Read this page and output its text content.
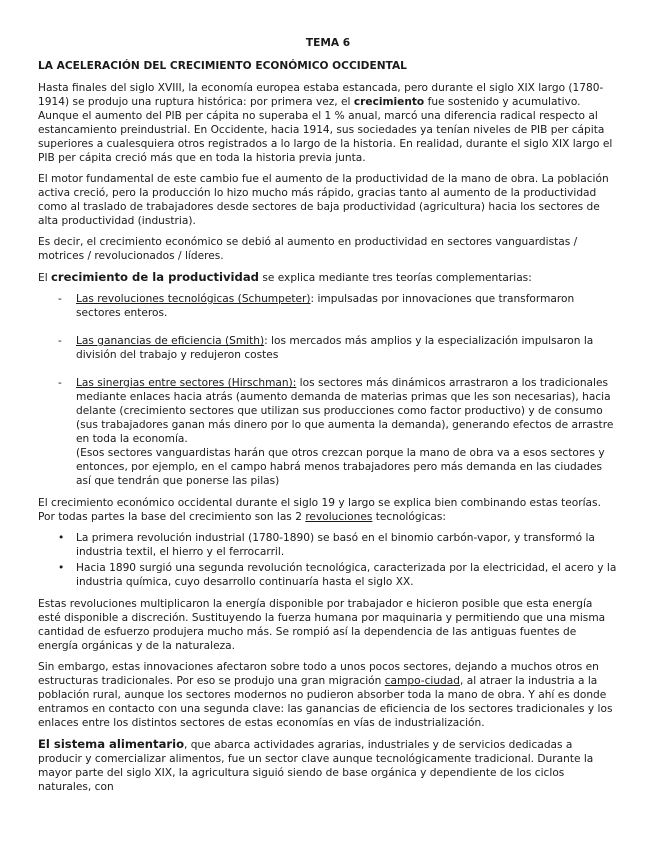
TEMA 6
LA ACELERACIÓN DEL CRECIMIENTO ECONÓMICO OCCIDENTAL

Hasta finales del siglo XVIII, la economía europea estaba estancada, pero durante el siglo XIX largo (1780-1914) se produjo una ruptura histórica: por primera vez, el crecimiento fue sostenido y acumulativo. Aunque el aumento del PIB per cápita no superaba el 1 % anual, marcó una diferencia radical respecto al estancamiento preindustrial. En Occidente, hacia 1914, sus sociedades ya tenían niveles de PIB per cápita superiores a cualesquiera otros registrados a lo largo de la historia. En realidad, durante el siglo XIX largo el PIB per cápita creció más que en toda la historia previa junta.

El motor fundamental de este cambio fue el aumento de la productividad de la mano de obra. La población activa creció, pero la producción lo hizo mucho más rápido, gracias tanto al aumento de la productividad como al traslado de trabajadores desde sectores de baja productividad (agricultura) hacia los sectores de alta productividad (industria).

Es decir, el crecimiento económico se debió al aumento en productividad en sectores vanguardistas / motrices / revolucionados / líderes.

El crecimiento de la productividad se explica mediante tres teorías complementarias:

- Las revoluciones tecnológicas (Schumpeter): impulsadas por innovaciones que transformaron sectores enteros.
- Las ganancias de eficiencia (Smith): los mercados más amplios y la especialización impulsaron la división del trabajo y redujeron costes
- Las sinergias entre sectores (Hirschman): los sectores más dinámicos arrastraron a los tradicionales mediante enlaces hacia atrás (aumento demanda de materias primas que les son necesarias), hacia delante (crecimiento sectores que utilizan sus producciones como factor productivo) y de consumo (sus trabajadores ganan más dinero por lo que aumenta la demanda), generando efectos de arrastre en toda la economía.
(Esos sectores vanguardistas harán que otros crezcan porque la mano de obra va a esos sectores y entonces, por ejemplo, en el campo habrá menos trabajadores pero más demanda en las ciudades así que tendrán que ponerse las pilas)

El crecimiento económico occidental durante el siglo 19 y largo se explica bien combinando estas teorías. Por todas partes la base del crecimiento son las 2 revoluciones tecnológicas:

• La primera revolución industrial (1780-1890) se basó en el binomio carbón-vapor, y transformó la industria textil, el hierro y el ferrocarril.
• Hacia 1890 surgió una segunda revolución tecnológica, caracterizada por la electricidad, el acero y la industria química, cuyo desarrollo continuaría hasta el siglo XX.

Estas revoluciones multiplicaron la energía disponible por trabajador e hicieron posible que esta energía esté disponible a discreción. Sustituyendo la fuerza humana por maquinaria y permitiendo que una misma cantidad de esfuerzo produjera mucho más. Se rompió así la dependencia de las antiguas fuentes de energía orgánicas y de la naturaleza.

Sin embargo, estas innovaciones afectaron sobre todo a unos pocos sectores, dejando a muchos otros en estructuras tradicionales. Por eso se produjo una gran migración campo-ciudad, al atraer la industria a la población rural, aunque los sectores modernos no pudieron absorber toda la mano de obra. Y ahí es donde entramos en contacto con una segunda clave: las ganancias de eficiencia de los sectores tradicionales y los enlaces entre los distintos sectores de estas economías en vías de industrialización.

El sistema alimentario, que abarca actividades agrarias, industriales y de servicios dedicadas a producir y comercializar alimentos, fue un sector clave aunque tecnológicamente tradicional. Durante la mayor parte del siglo XIX, la agricultura siguió siendo de base orgánica y dependiente de los ciclos naturales, con
